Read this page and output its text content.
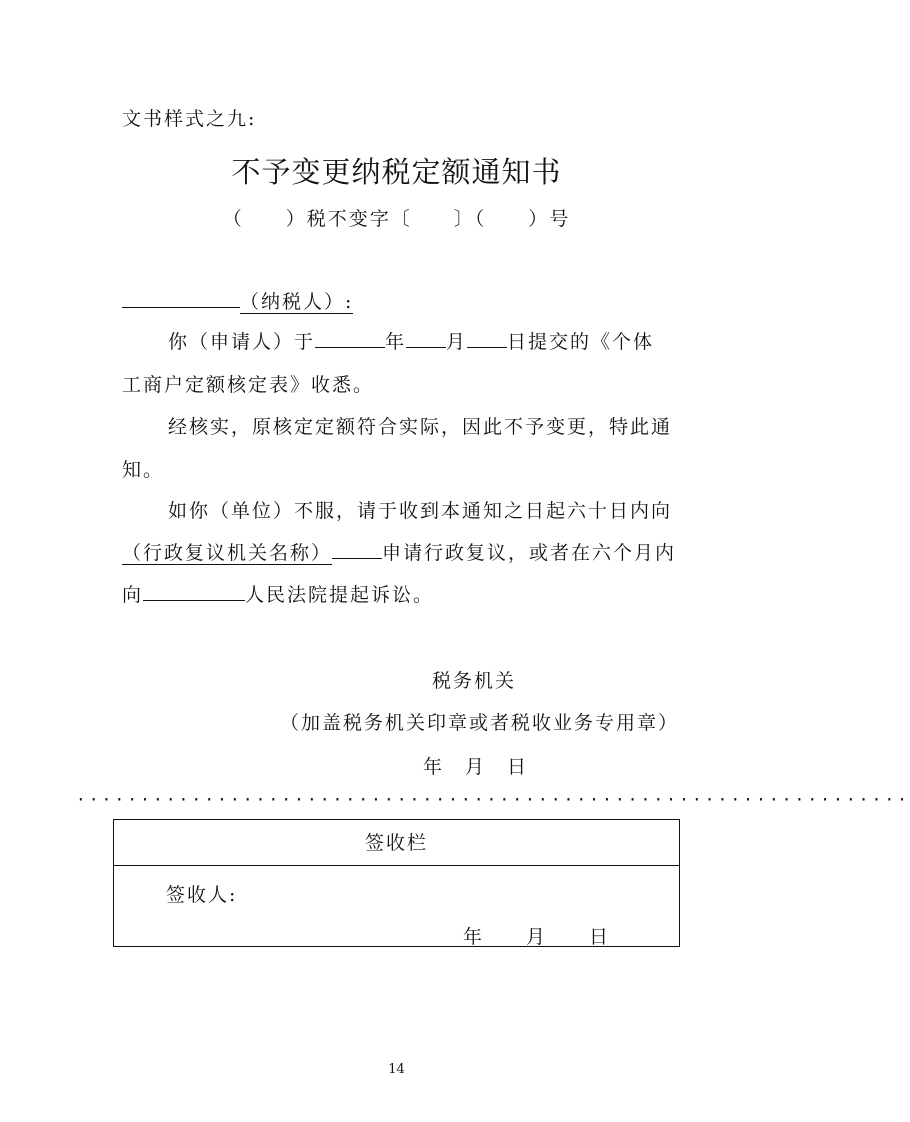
文书样式之九:
不予变更纳税定额通知书
（　　）税不变字〔　　〕（　　）号
（纳税人）:
你（申请人）于	年 月 日提交的《个体
工商户定额核定表》收悉。
经核实，原核定定额符合实际，因此不予变更，特此通
知。
如你（单位）不服，请于收到本通知之日起六十日内向
（行政复议机关名称）	申请行政复议，或者在六个月内
向	人民法院提起诉讼。
税务机关
（加盖税务机关印章或者税收业务专用章）
年　月　日
·································································
签收栏
签收人:
年　　月　　日
14
